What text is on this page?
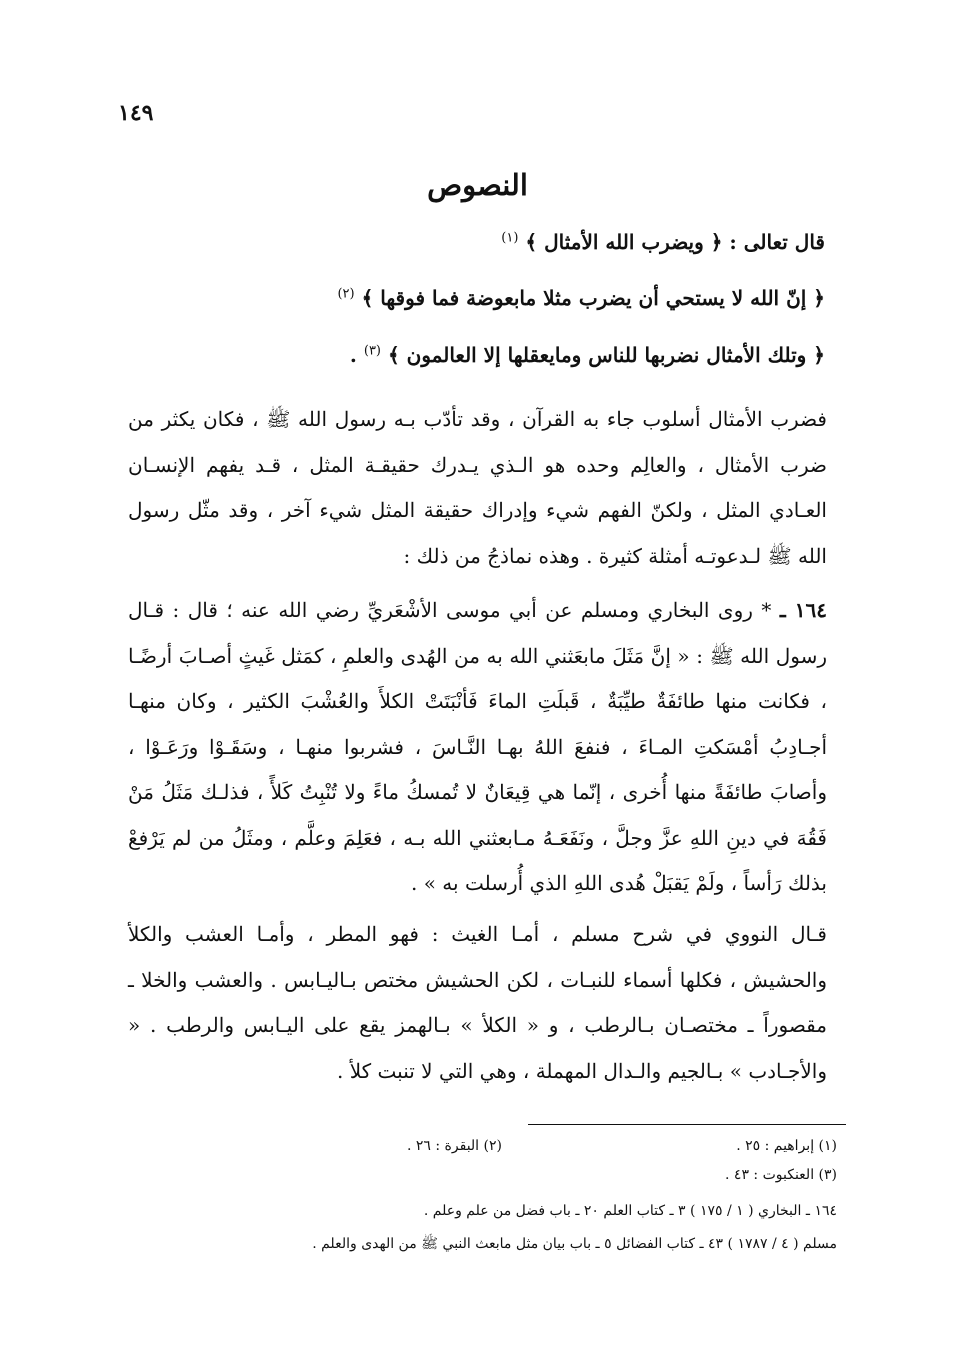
١٤٩
النصوص
قال تعالى : ﴿ ويضرب الله الأمثال ﴾ $^{(١)}$
﴿ إنّ الله لا يستحي أن يضرب مثلا مابعوضة فما فوقها ﴾ $^{(٢)}$
﴿ وتلك الأمثال نضربها للناس ومايعقلها إلا العالمون ﴾ $^{(٣)}$ .
فضرب الأمثال أسلوب جاء به القرآن ، وقد تأدّب بـه رسول الله ﷺ ، فكان يكثر من ضرب الأمثال ، والعالِم وحده هو الـذي يـدرك حقيقـة المثل ، قـد يفهم الإنسـان العـادي المثل ، ولكنّ الفهم شيء وإدراك حقيقة المثل شيء آخر ، وقد مثّل رسول الله ﷺ لـدعوتـه أمثلة كثيرة . وهذه نماذجُ من ذلك :
١٦٤ ـ * روى البخاري ومسلم عن أبي موسى الأشْعَريِّ رضي الله عنه ؛ قال : قـال رسول الله ﷺ : « إنَّ مَثَلَ مابعَثني الله به من الهُدى والعلمِ ، كمَثل غَيثٍ أصـابَ أرضًـا ، فكانت منها طائفَةٌ طيِّبَةٌ ، قَبلَتِ الماءَ فَأنْبَتَتْ الكلأَ والعُشْبَ الكثير ، وكان منهـا أجـادِبُ أمْسَكتِ المـاءَ ، فنفعَ اللهُ بهـا النَّـاسَ ، فشربوا منهـا ، وسَقَـوْا ورَعَـوْا ، وأصابَ طائفَةً منها أُخرى ، إنّما هي قِيعَانٌ لا تُمسكُ ماءً ولا تُنْبِتُ كَلأً ، فذلـك مَثَلُ مَنْ فَقُهَ في دينِ اللهِ عزَّ وجلَّ ، ونَفَعَـهُ مـابعثني الله بـه ، فعَلِمَ وعلَّم ، ومثَلُ من لم يَرْفعْ بذلك رَأساً ، ولَمْ يَقبَلْ هُدى اللهِ الذي أُرسلت به » .
قـال النووي في شرح مسلم ، أمـا الغيث : فهو المطر ، وأمـا العشب والكلأ والحشيش ، فكلها أسماء للنبـات ، لكن الحشيش مختص بـاليـابس . والعشب والخلا ـ مقصوراً ـ مختصـان بـالرطب ، و « الكلأ » بـالهمز يقع على اليـابس والرطب . « والأجـادب » بـالجيم والـدال المهملة ، وهي التي لا تنبت كلأ .
(١) إبراهيم : ٢٥ .
(٢) البقرة : ٢٦ .
(٣) العنكبوت : ٤٣ .
١٦٤ ـ البخاري ( ١ / ١٧٥ ) ٣ ـ كتاب العلم ٢٠ ـ باب فضل من علم وعلم .
مسلم ( ٤ / ١٧٨٧ ) ٤٣ ـ كتاب الفضائل ٥ ـ باب بيان مثل مابعث النبي ﷺ من الهدى والعلم .
